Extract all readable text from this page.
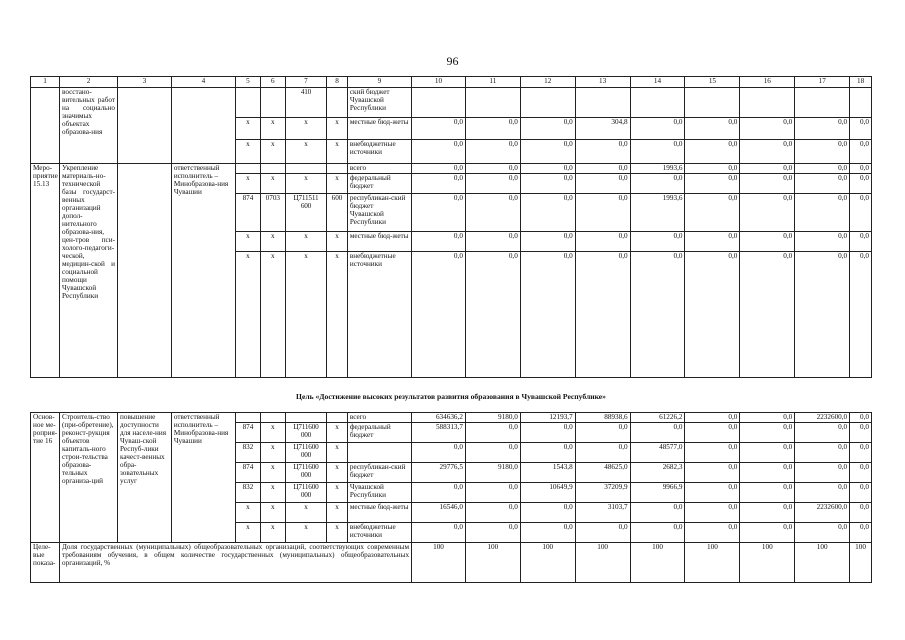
96
1	2	3	4	5	6	7	8	9	10	11	12	13	14	15	16	17	18
	восстано-вительных работ на социально значимых объектах образова-ния					410		ский бюджет Чувашской Республики									
				x	x	x	x	местные бюд-жеты	0,0	0,0	0,0	304,8	0,0	0,0	0,0	0,0	0,0
				x	x	x	x	внебюджетные источники	0,0	0,0	0,0	0,0	0,0	0,0	0,0	0,0	0,0
Меро-приятие 15.13	Укрепление материаль-но-технической базы государст-венных организаций допол-нительного образова-ния, цен-тров пси-холого-педагоги-ческой, медицин-ской и социальной помощи Чувашской Республики		ответственный исполнитель – Минобразова-ния Чувашии					всего	0,0	0,0	0,0	0,0	1993,6	0,0	0,0	0,0	0,0
				x	x	x	x	федеральный бюджет	0,0	0,0	0,0	0,0	0,0	0,0	0,0	0,0	0,0
				874	0703	Ц711511 600	600	республикан-ский бюджет Чувашской Республики	0,0	0,0	0,0	0,0	1993,6	0,0	0,0	0,0	0,0
				x	x	x	x	местные бюд-жеты	0,0	0,0	0,0	0,0	0,0	0,0	0,0	0,0	0,0
				x	x	x	x	внебюджетные источники	0,0	0,0	0,0	0,0	0,0	0,0	0,0	0,0	0,0
Цель «Достижение высоких результатов развития образования в Чувашской Республике»
Основ-ное ме-роприя-тие 16	Строитель-ство (при-обретение), реконст-рукция объектов капиталь-ного строи-тельства образова-тельных организа-ций	повышение доступности для населе-ния Чуваш-ской Респуб-лики качест-венных обра-зовательных услуг	ответственный исполнитель – Минобразова-ния Чувашии					всего	634636,2	9180,0	12193,7	88938,6	61226,2	0,0	0,0	2232600,0	0,0
				874	x	Ц711600 000	x	федеральный бюджет	588313,7	0,0	0,0	0,0	0,0	0,0	0,0	0,0	0,0
				832	x	Ц711600 000	x		0,0	0,0	0,0	0,0	48577,0	0,0	0,0	0,0	0,0
				874	x	Ц711600 000	x	республикан-ский бюджет	29776,5	9180,0	1543,8	48625,0	2682,3	0,0	0,0	0,0	0,0
				832	x	Ц711600 000	x	Чувашской Республики	0,0	0,0	10649,9	37209,9	9966,9	0,0	0,0	0,0	0,0
				x	x	x	x	местные бюд-жеты	16546,0	0,0	0,0	3103,7	0,0	0,0	0,0	2232600,0	0,0
				x	x	x	x	внебюджетные источники	0,0	0,0	0,0	0,0	0,0	0,0	0,0	0,0	0,0
Целе-вые показа-	Доля государственных (муниципальных) общеобразовательных организаций, соответствующих современным требованиям обучения, в общем количестве государственных (муниципальных) общеобразовательных организаций, %								100	100	100	100	100	100	100	100	100
